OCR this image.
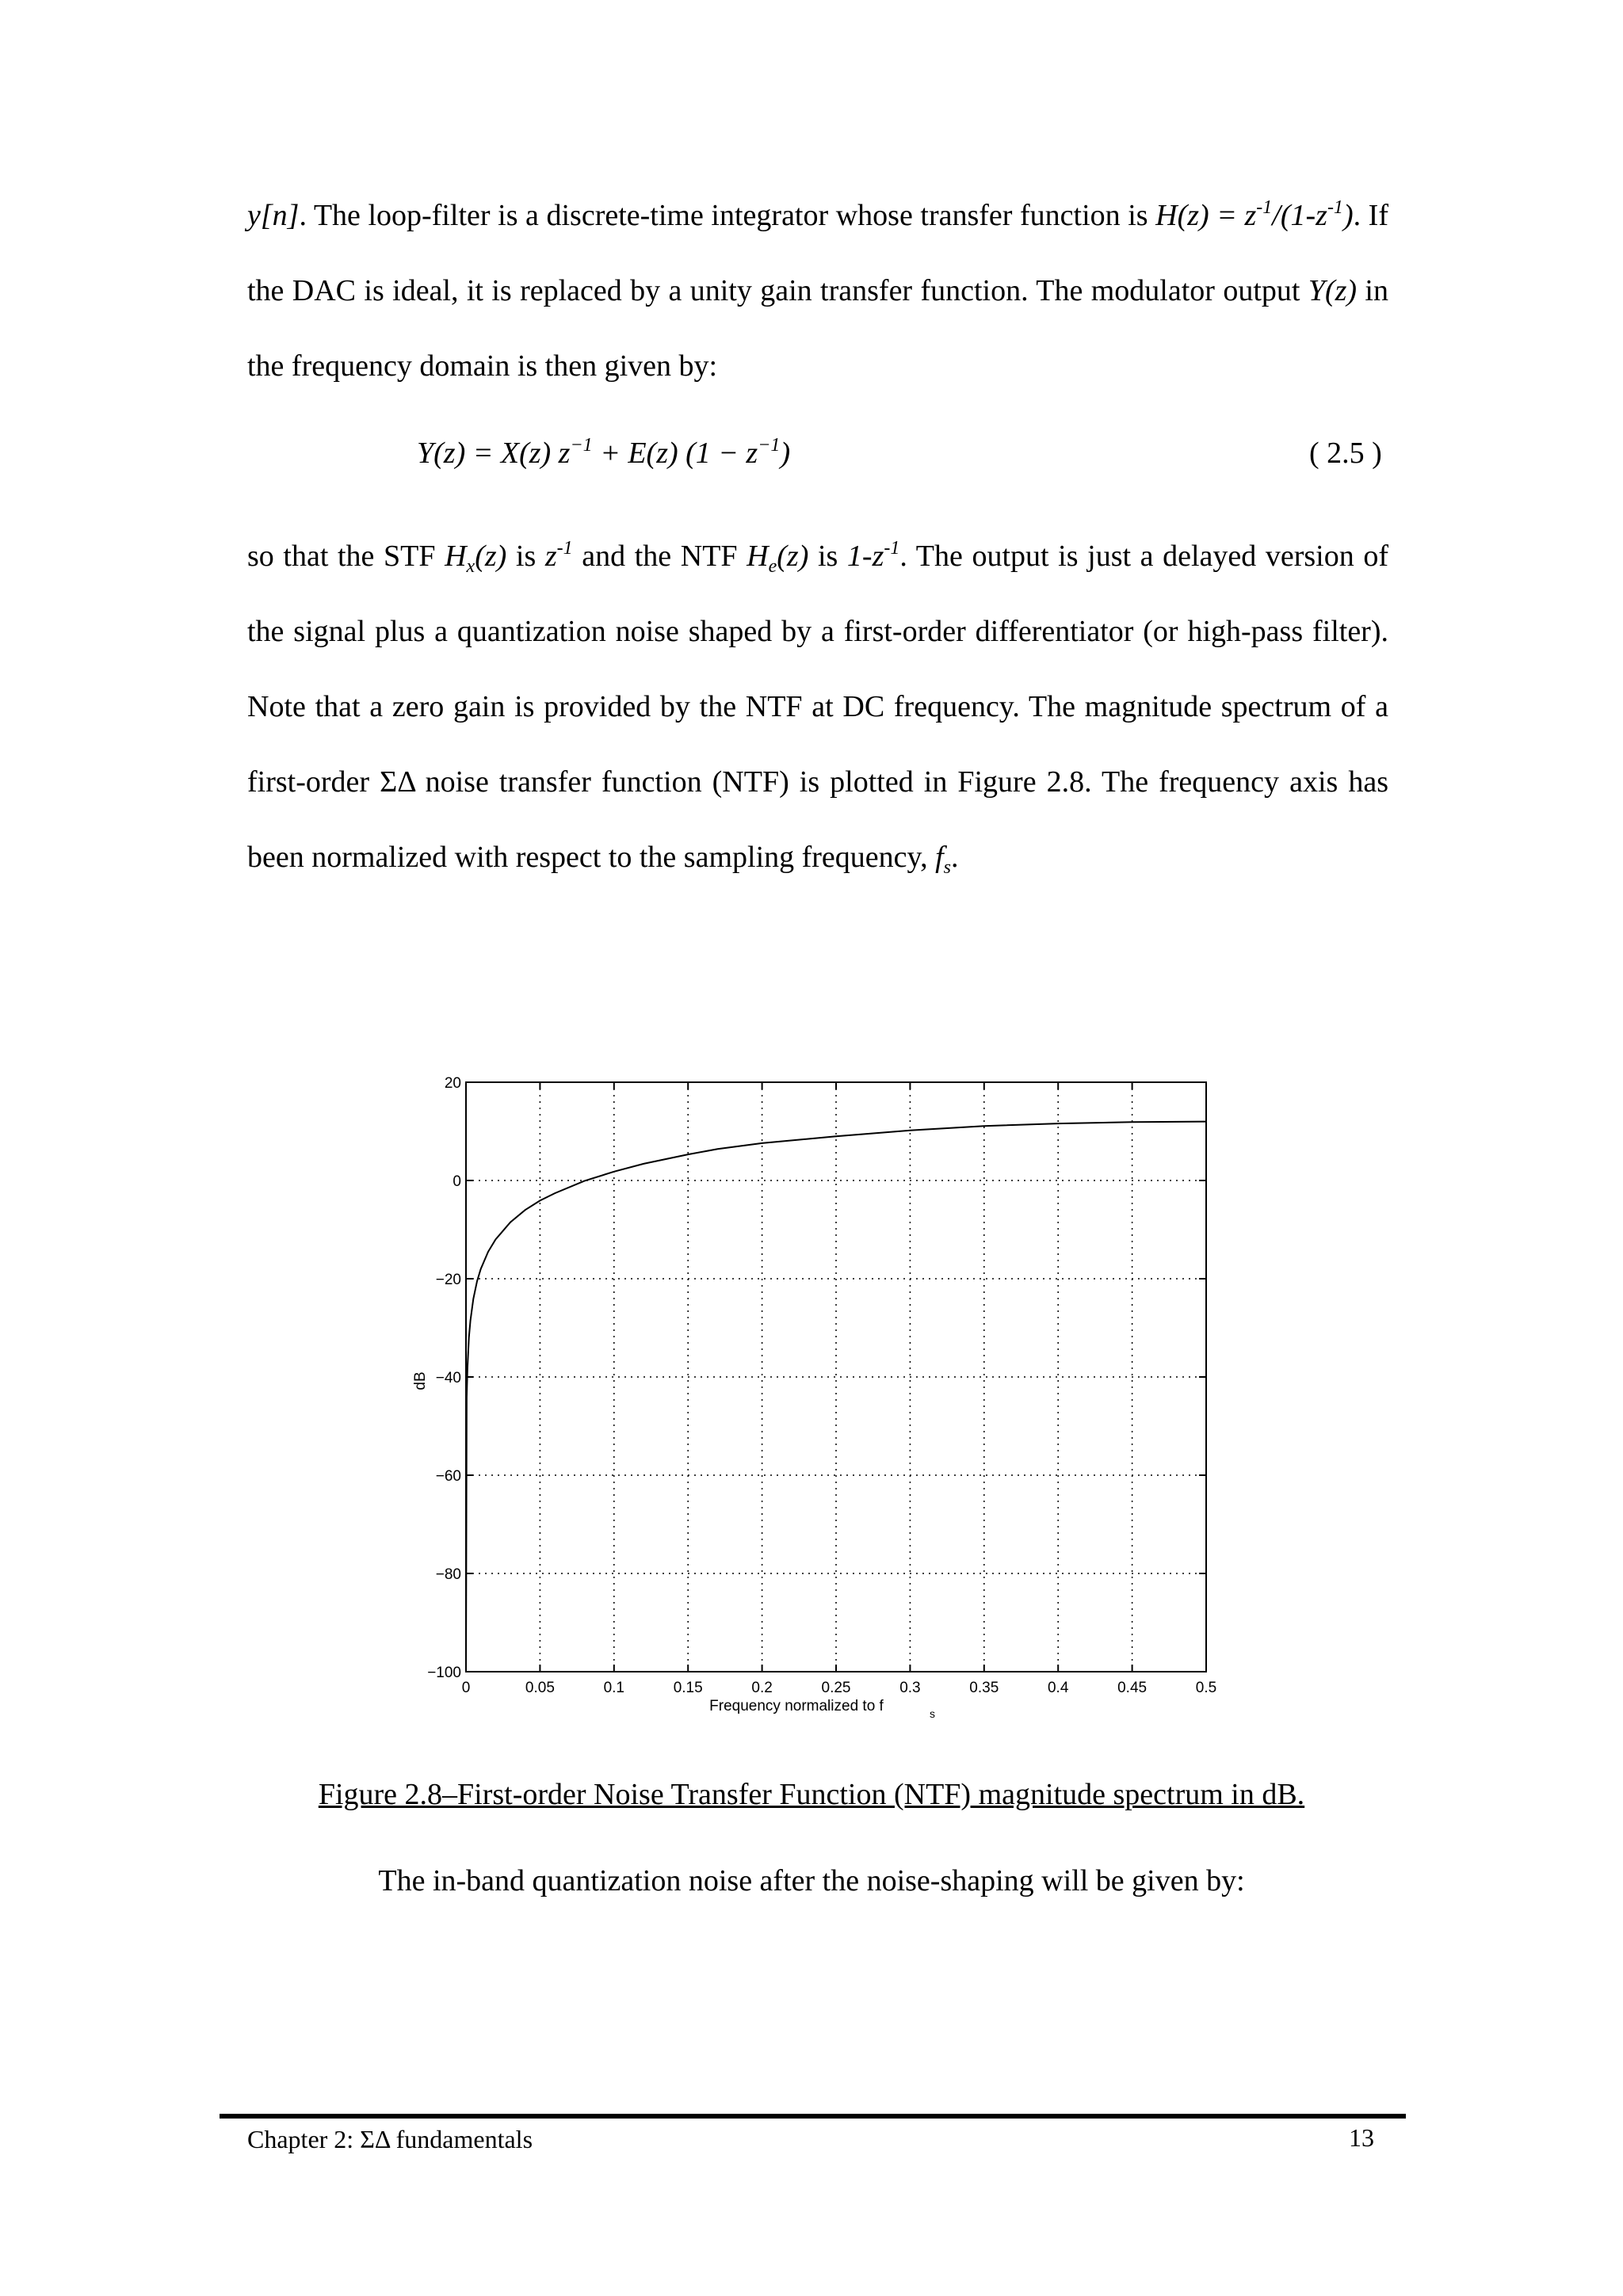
y[n]. The loop-filter is a discrete-time integrator whose transfer function is $H(z) = z^{-1}/(1-z^{-1})$. If the DAC is ideal, it is replaced by a unity gain transfer function. The modulator output Y(z) in the frequency domain is then given by:

Y(z) = X(z) $z^{-1} + E(z) (1 - z^{-1})$	( 2.5 )

so that the STF $H_x(z)$ is $z^{-1}$ and the NTF $H_e(z)$ is $1-z^{-1}$. The output is just a delayed version of the signal plus a quantization noise shaped by a first-order differentiator (or high-pass filter). Note that a zero gain is provided by the NTF at DC frequency. The magnitude spectrum of a first-order ΣΔ noise transfer function (NTF) is plotted in Figure 2.8. The frequency axis has been normalized with respect to the sampling frequency, $f_s$.

0	0.05	0.1	0.15	0.2	0.25	0.3	0.35	0.4	0.45	0.5
−100
−80
−60
−40
−20
0
20
Frequency normalized to f	s
dB
Figure 2.8–First-order Noise Transfer Function (NTF) magnitude spectrum in dB.
The in-band quantization noise after the noise-shaping will be given by:
Chapter 2: ΣΔ fundamentals	13
